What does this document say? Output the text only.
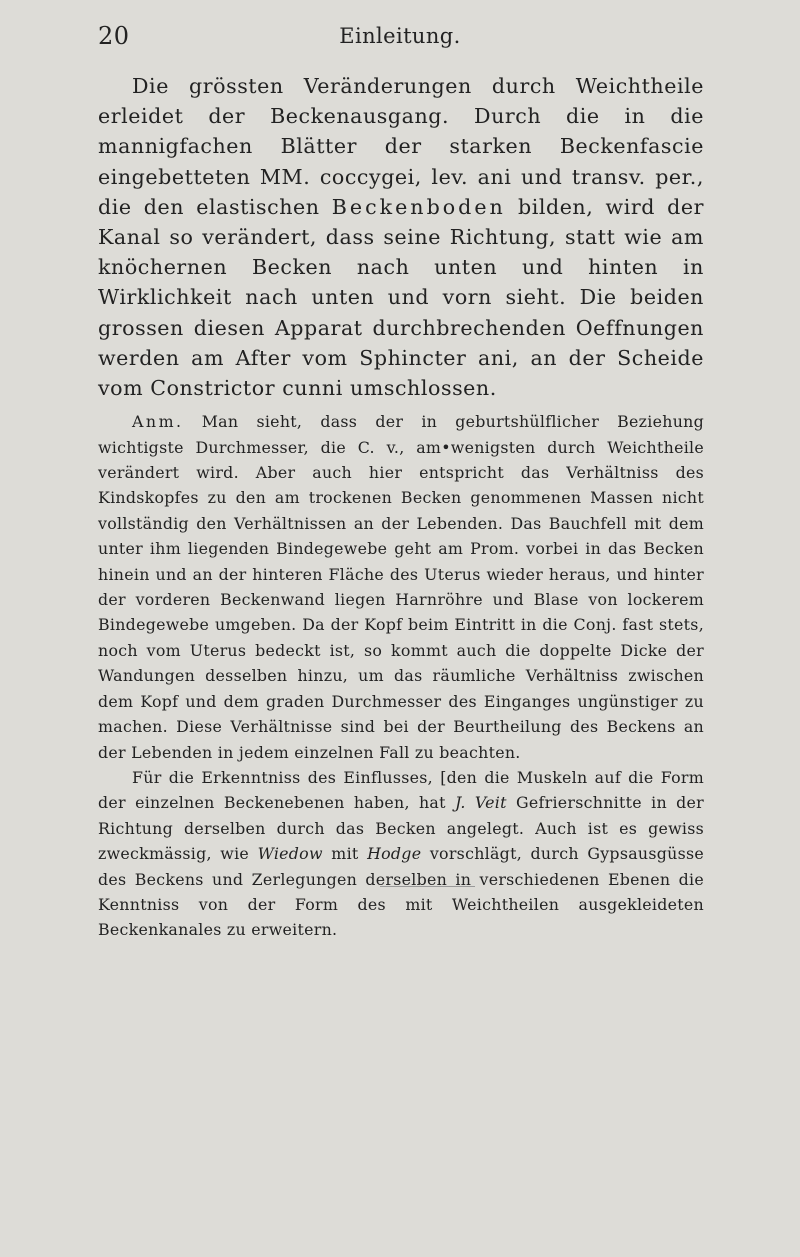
20	Einleitung.

Die grössten Veränderungen durch Weichtheile erleidet der Beckenausgang. Durch die in die mannigfachen Blätter der starken Beckenfascie eingebetteten MM. coccygei, lev. ani und transv. per., die den elastischen Beckenboden bilden, wird der Kanal so verändert, dass seine Richtung, statt wie am knöchernen Becken nach unten und hinten in Wirklichkeit nach unten und vorn sieht. Die beiden grossen diesen Apparat durchbrechenden Oeffnungen werden am After vom Sphincter ani, an der Scheide vom Constrictor cunni umschlossen.

Anm. Man sieht, dass der in geburtshülflicher Beziehung wichtigste Durchmesser, die C. v., am•wenigsten durch Weichtheile verändert wird. Aber auch hier entspricht das Verhältniss des Kindskopfes zu den am trockenen Becken genommenen Massen nicht vollständig den Verhältnissen an der Lebenden. Das Bauchfell mit dem unter ihm liegenden Bindegewebe geht am Prom. vorbei in das Becken hinein und an der hinteren Fläche des Uterus wieder heraus, und hinter der vorderen Beckenwand liegen Harnröhre und Blase von lockerem Bindegewebe umgeben. Da der Kopf beim Eintritt in die Conj. fast stets, noch vom Uterus bedeckt ist, so kommt auch die doppelte Dicke der Wandungen desselben hinzu, um das räumliche Verhältniss zwischen dem Kopf und dem graden Durchmesser des Einganges ungünstiger zu machen. Diese Verhältnisse sind bei der Beurtheilung des Beckens an der Lebenden in jedem einzelnen Fall zu beachten.

Für die Erkenntniss des Einflusses, [den die Muskeln auf die Form der einzelnen Beckenebenen haben, hat J. Veit Gefrierschnitte in der Richtung derselben durch das Becken angelegt. Auch ist es gewiss zweckmässig, wie Wiedow mit Hodge vorschlägt, durch Gypsausgüsse des Beckens und Zerlegungen derselben in verschiedenen Ebenen die Kenntniss von der Form des mit Weichtheilen ausgekleideten Beckenkanales zu erweitern.
